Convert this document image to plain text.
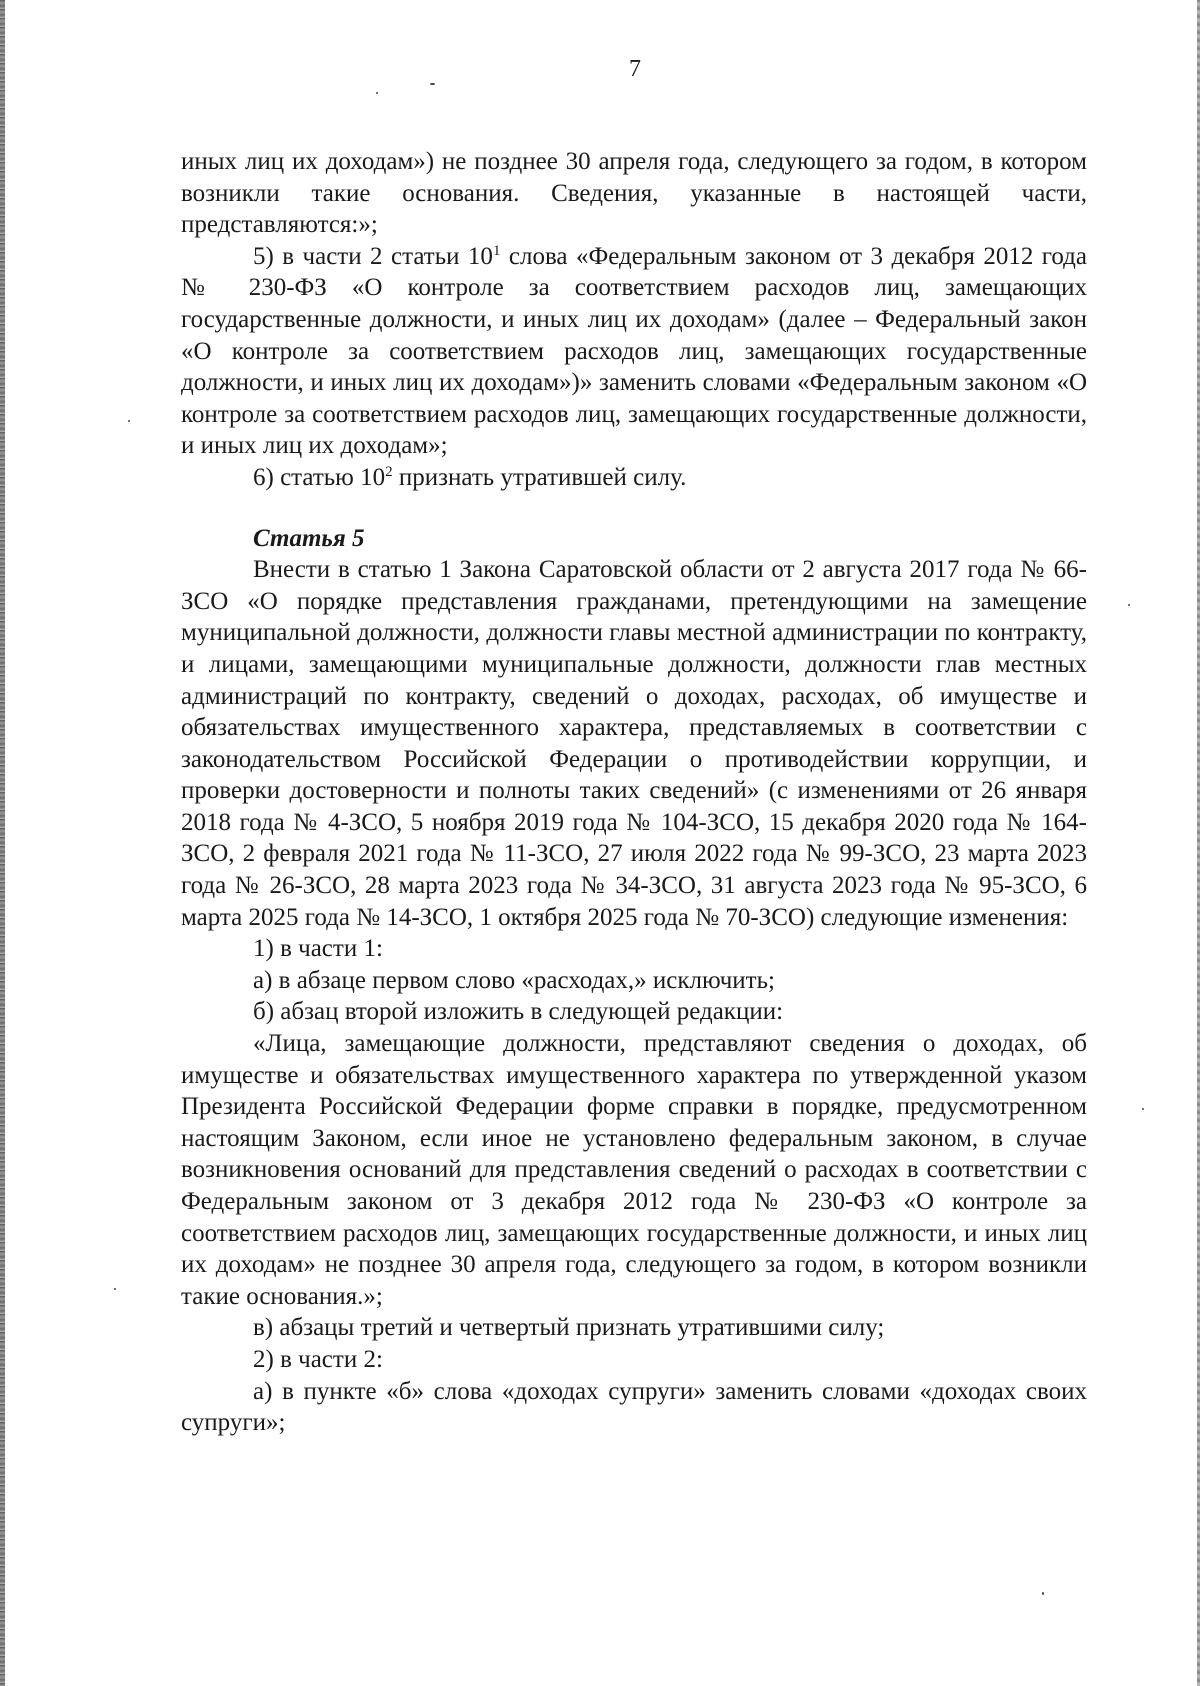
7

иных лиц их доходам») не позднее 30 апреля года, следующего за годом, в котором возникли такие основания. Сведения, указанные в настоящей части, представляются:»;

5) в части 2 статьи $10^1$ слова «Федеральным законом от 3 декабря 2012 года № 230-ФЗ «О контроле за соответствием расходов лиц, замещающих государственные должности, и иных лиц их доходам» (далее – Федеральный закон «О контроле за соответствием расходов лиц, замещающих государственные должности, и иных лиц их доходам»)» заменить словами «Федеральным законом «О контроле за соответствием расходов лиц, замещающих государственные должности, и иных лиц их доходам»;

6) статью $10^2$ признать утратившей силу.

Статья 5

Внести в статью 1 Закона Саратовской области от 2 августа 2017 года № 66-ЗСО «О порядке представления гражданами, претендующими на замещение муниципальной должности, должности главы местной администрации по контракту, и лицами, замещающими муниципальные должности, должности глав местных администраций по контракту, сведений о доходах, расходах, об имуществе и обязательствах имущественного характера, представляемых в соответствии с законодательством Российской Федерации о противодействии коррупции, и проверки достоверности и полноты таких сведений» (с изменениями от 26 января 2018 года № 4-ЗСО, 5 ноября 2019 года № 104-ЗСО, 15 декабря 2020 года № 164-ЗСО, 2 февраля 2021 года № 11-ЗСО, 27 июля 2022 года № 99-ЗСО, 23 марта 2023 года № 26-ЗСО, 28 марта 2023 года № 34-ЗСО, 31 августа 2023 года № 95-ЗСО, 6 марта 2025 года № 14-ЗСО, 1 октября 2025 года № 70-ЗСО) следующие изменения:

1) в части 1:

а) в абзаце первом слово «расходах,» исключить;

б) абзац второй изложить в следующей редакции:

«Лица, замещающие должности, представляют сведения о доходах, об имуществе и обязательствах имущественного характера по утвержденной указом Президента Российской Федерации форме справки в порядке, предусмотренном настоящим Законом, если иное не установлено федеральным законом, в случае возникновения оснований для представления сведений о расходах в соответствии с Федеральным законом от 3 декабря 2012 года № 230-ФЗ «О контроле за соответствием расходов лиц, замещающих государственные должности, и иных лиц их доходам» не позднее 30 апреля года, следующего за годом, в котором возникли такие основания.»;

в) абзацы третий и четвертый признать утратившими силу;

2) в части 2:

а) в пункте «б» слова «доходах супруги» заменить словами «доходах своих супруги»;
